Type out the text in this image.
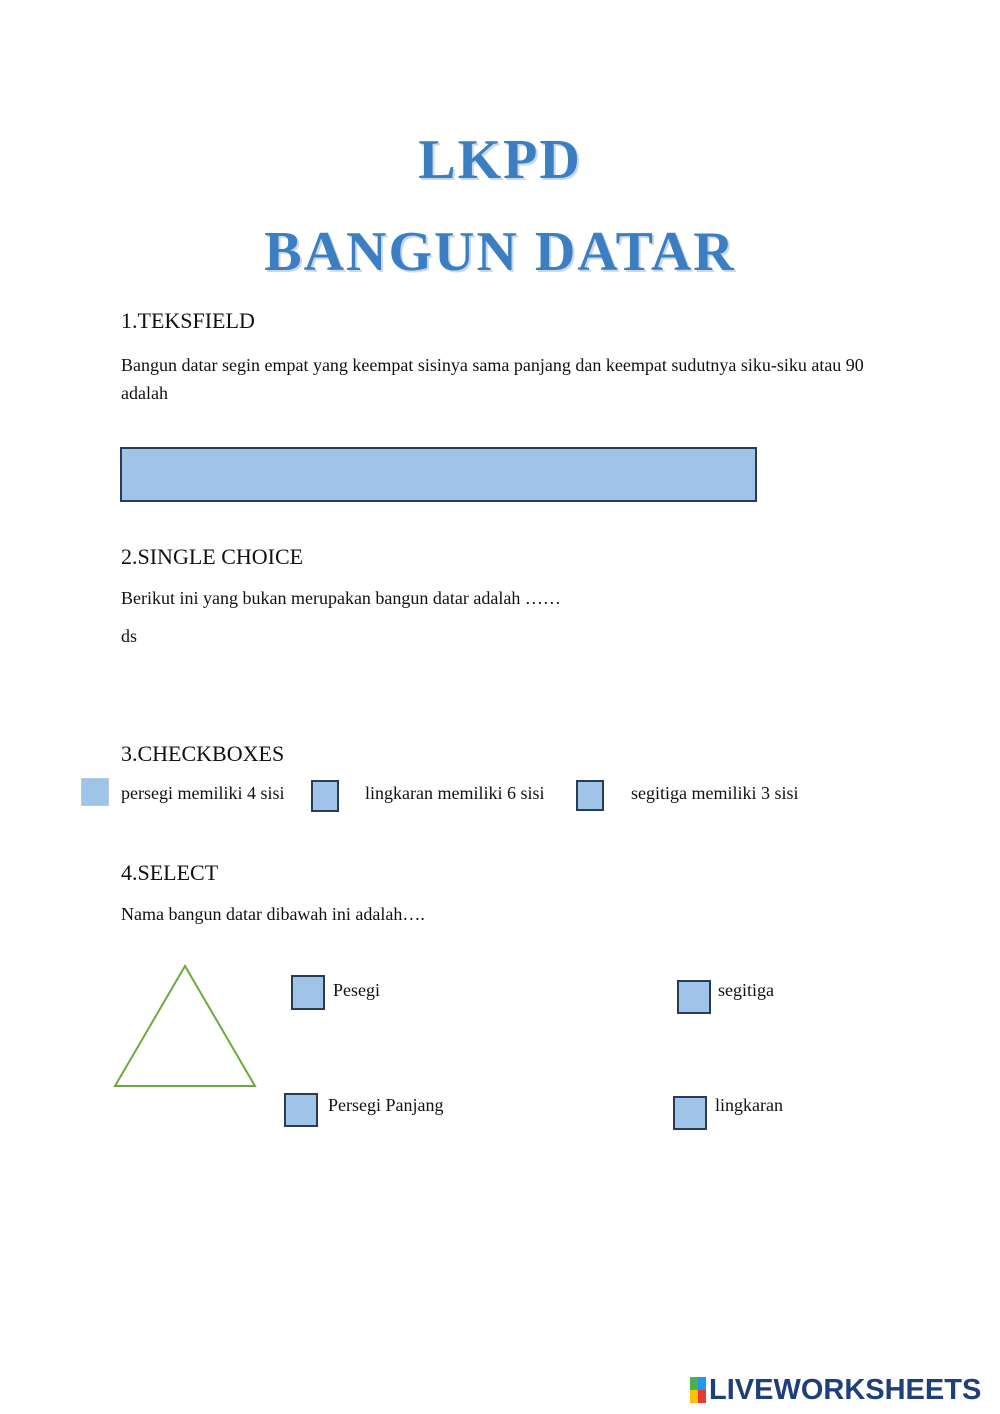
LKPD
BANGUN DATAR
1.TEKSFIELD
Bangun datar segin empat yang keempat sisinya sama panjang dan keempat sudutnya siku-siku atau 90 adalah
2.SINGLE CHOICE
Berikut ini yang bukan merupakan bangun datar adalah ……
ds
3.CHECKBOXES
persegi memiliki 4 sisi	lingkaran memiliki 6 sisi	segitiga memiliki 3 sisi
4.SELECT
Nama bangun datar dibawah ini adalah….
Pesegi	segitiga
Persegi Panjang	lingkaran
LIVEWORKSHEETS
